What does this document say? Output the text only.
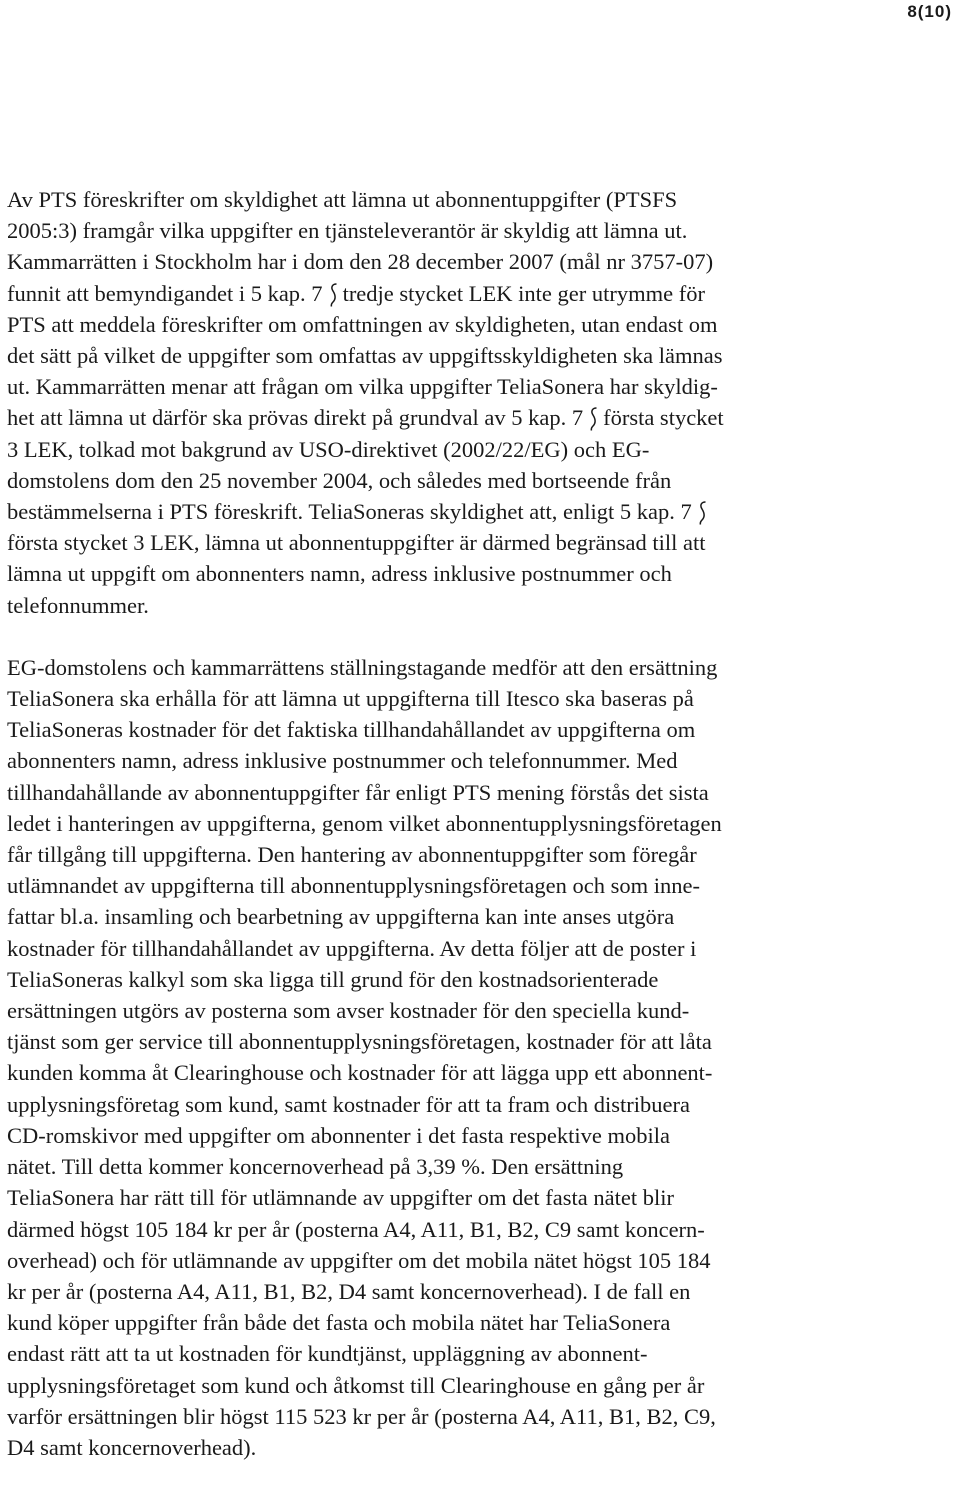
8(10)
Av PTS föreskrifter om skyldighet att lämna ut abonnentuppgifter (PTSFS
2005:3) framgår vilka uppgifter en tjänsteleverantör är skyldig att lämna ut.
Kammarrätten i Stockholm har i dom den 28 december 2007 (mål nr 3757-07)
funnit att bemyndigandet i 5 kap. 7 tredje stycket LEK inte ger utrymme för
PTS att meddela föreskrifter om omfattningen av skyldigheten, utan endast om
det sätt på vilket de uppgifter som omfattas av uppgiftsskyldigheten ska lämnas
ut. Kammarrätten menar att frågan om vilka uppgifter TeliaSonera har skyldig-
het att lämna ut därför ska prövas direkt på grundval av 5 kap. 7 första stycket
3 LEK, tolkad mot bakgrund av USO-direktivet (2002/22/EG) och EG-
domstolens dom den 25 november 2004, och således med bortseende från
bestämmelserna i PTS föreskrift. TeliaSoneras skyldighet att, enligt 5 kap. 7
första stycket 3 LEK, lämna ut abonnentuppgifter är därmed begränsad till att
lämna ut uppgift om abonnenters namn, adress inklusive postnummer och
telefonnummer.
EG-domstolens och kammarrättens ställningstagande medför att den ersättning
TeliaSonera ska erhålla för att lämna ut uppgifterna till Itesco ska baseras på
TeliaSoneras kostnader för det faktiska tillhandahållandet av uppgifterna om
abonnenters namn, adress inklusive postnummer och telefonnummer. Med
tillhandahållande av abonnentuppgifter får enligt PTS mening förstås det sista
ledet i hanteringen av uppgifterna, genom vilket abonnentupplysningsföretagen
får tillgång till uppgifterna. Den hantering av abonnentuppgifter som föregår
utlämnandet av uppgifterna till abonnentupplysningsföretagen och som inne-
fattar bl.a. insamling och bearbetning av uppgifterna kan inte anses utgöra
kostnader för tillhandahållandet av uppgifterna. Av detta följer att de poster i
TeliaSoneras kalkyl som ska ligga till grund för den kostnadsorienterade
ersättningen utgörs av posterna som avser kostnader för den speciella kund-
tjänst som ger service till abonnentupplysningsföretagen, kostnader för att låta
kunden komma åt Clearinghouse och kostnader för att lägga upp ett abonnent-
upplysningsföretag som kund, samt kostnader för att ta fram och distribuera
CD-romskivor med uppgifter om abonnenter i det fasta respektive mobila
nätet. Till detta kommer koncernoverhead på 3,39 %. Den ersättning
TeliaSonera har rätt till för utlämnande av uppgifter om det fasta nätet blir
därmed högst 105 184 kr per år (posterna A4, A11, B1, B2, C9 samt koncern-
overhead) och för utlämnande av uppgifter om det mobila nätet högst 105 184
kr per år (posterna A4, A11, B1, B2, D4 samt koncernoverhead). I de fall en
kund köper uppgifter från både det fasta och mobila nätet har TeliaSonera
endast rätt att ta ut kostnaden för kundtjänst, uppläggning av abonnent-
upplysningsföretaget som kund och åtkomst till Clearinghouse en gång per år
varför ersättningen blir högst 115 523 kr per år (posterna A4, A11, B1, B2, C9,
D4 samt koncernoverhead).
